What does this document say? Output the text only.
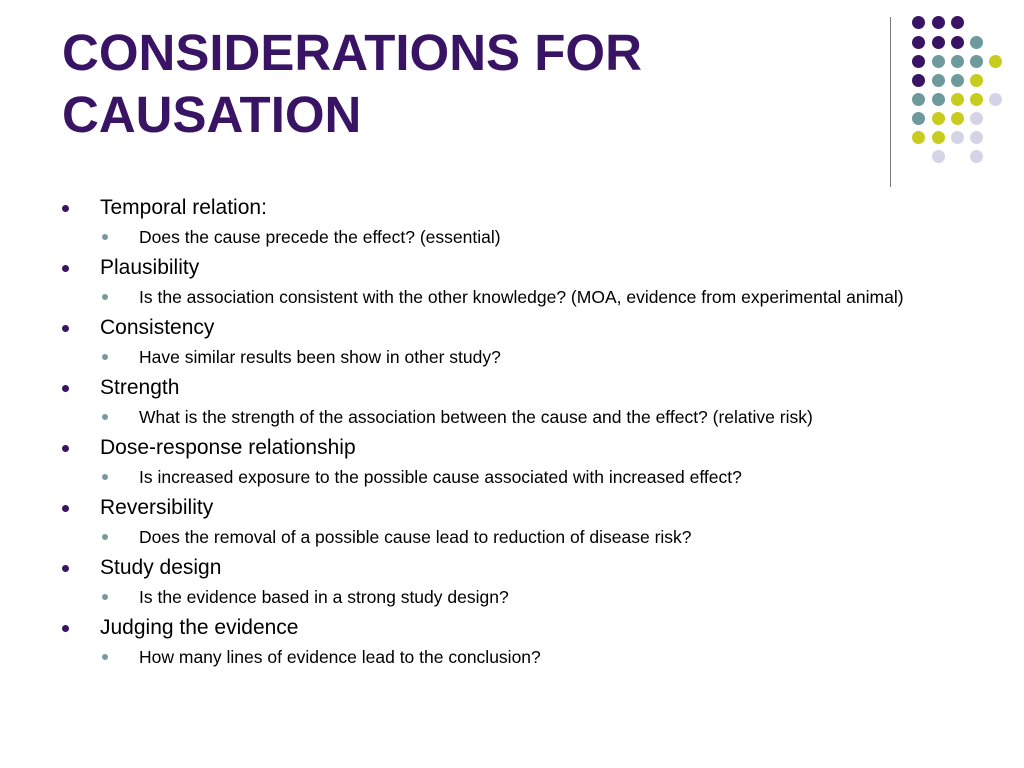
CONSIDERATIONS FOR
CAUSATION
Temporal relation:
Does the cause precede the effect? (essential)
Plausibility
Is the association consistent with the other knowledge? (MOA, evidence from experimental animal)
Consistency
Have similar results been show in other study?
Strength
What is the strength of the association between the cause and the effect? (relative risk)
Dose-response relationship
Is increased exposure to the possible cause associated with increased effect?
Reversibility
Does the removal of a possible cause lead to reduction of disease risk?
Study design
Is the evidence based in a strong study design?
Judging the evidence
How many lines of evidence lead to the conclusion?
